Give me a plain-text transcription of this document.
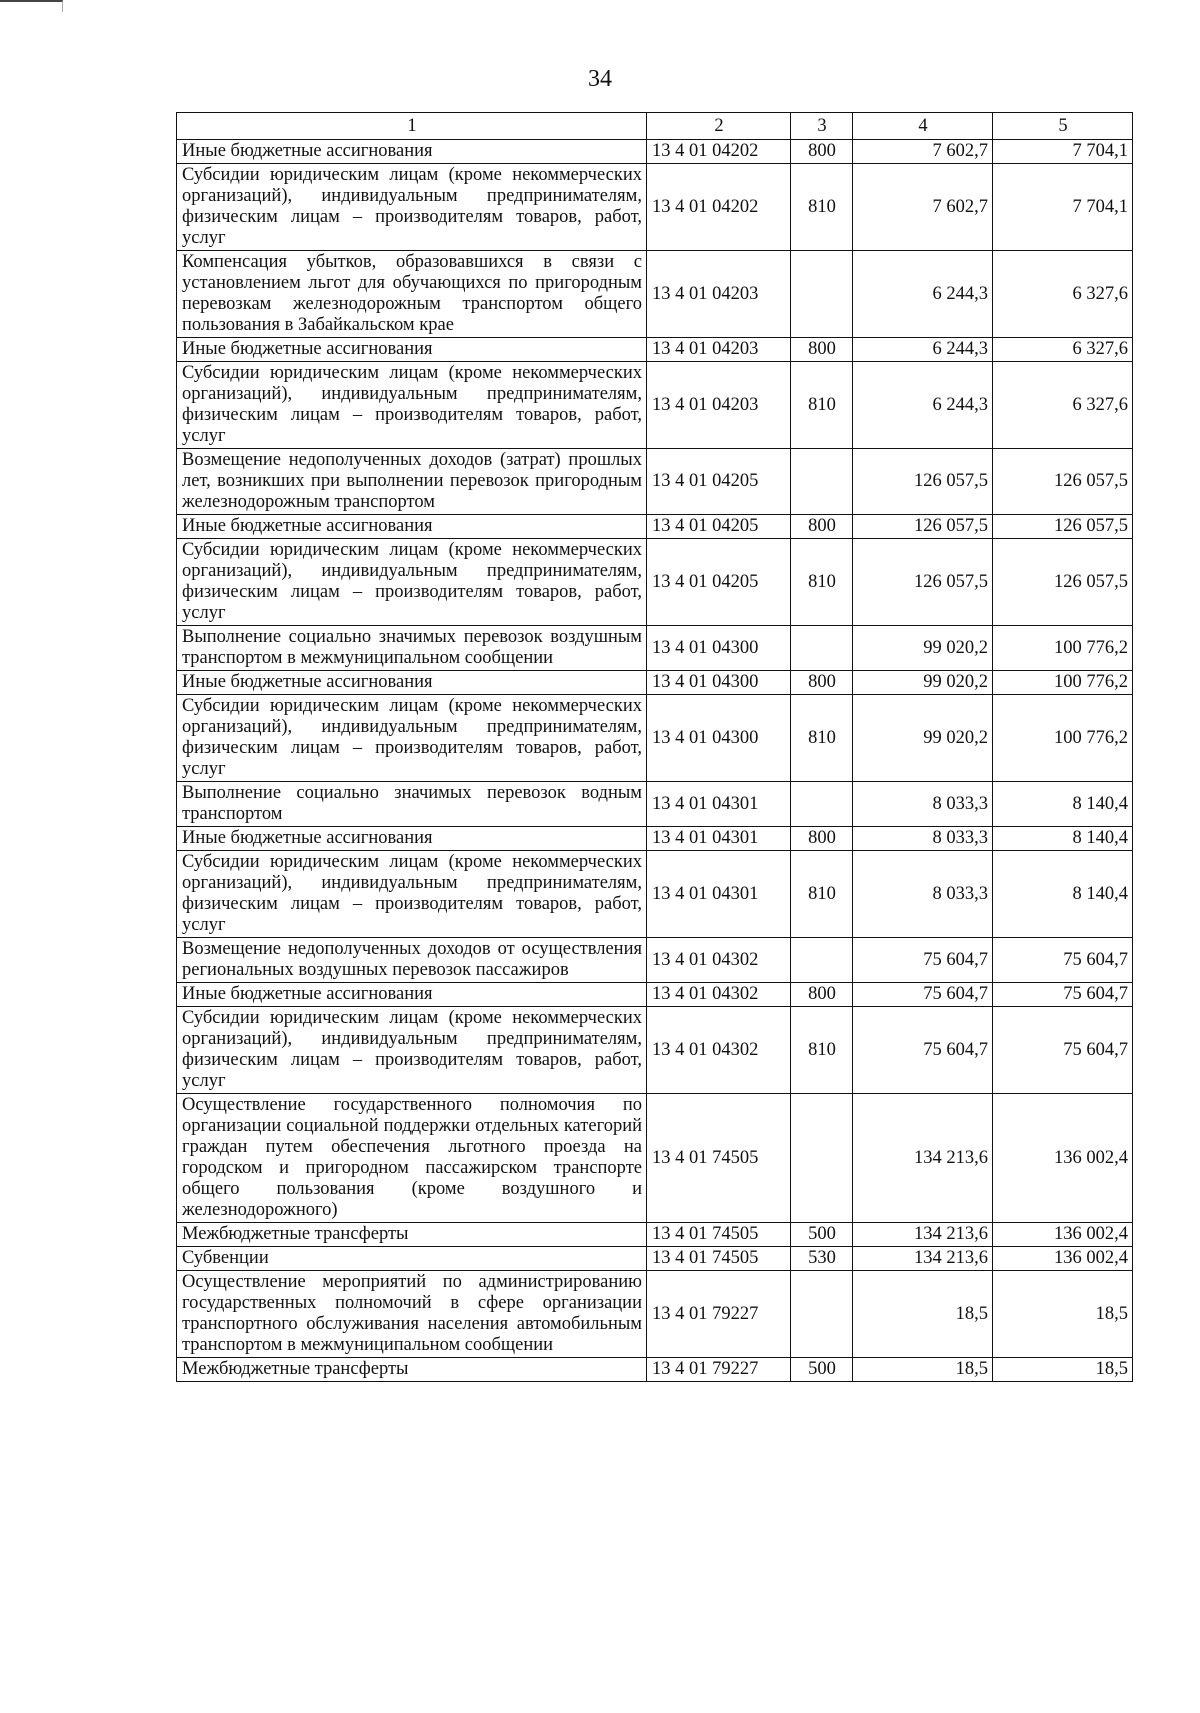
34
1	2	3	4	5
Иные бюджетные ассигнования	13 4 01 04202	800	7 602,7	7 704,1
Субсидии юридическим лицам (кроме некоммерческих организаций), индивидуальным предпринимателям, физическим лицам – производителям товаров, работ, услуг	13 4 01 04202	810	7 602,7	7 704,1
Компенсация убытков, образовавшихся в связи с установлением льгот для обучающихся по пригородным перевозкам железнодорожным транспортом общего пользования в Забайкальском крае	13 4 01 04203		6 244,3	6 327,6
Иные бюджетные ассигнования	13 4 01 04203	800	6 244,3	6 327,6
Субсидии юридическим лицам (кроме некоммерческих организаций), индивидуальным предпринимателям, физическим лицам – производителям товаров, работ, услуг	13 4 01 04203	810	6 244,3	6 327,6
Возмещение недополученных доходов (затрат) прошлых лет, возникших при выполнении перевозок пригородным железнодорожным транспортом	13 4 01 04205		126 057,5	126 057,5
Иные бюджетные ассигнования	13 4 01 04205	800	126 057,5	126 057,5
Субсидии юридическим лицам (кроме некоммерческих организаций), индивидуальным предпринимателям, физическим лицам – производителям товаров, работ, услуг	13 4 01 04205	810	126 057,5	126 057,5
Выполнение социально значимых перевозок воздушным транспортом в межмуниципальном сообщении	13 4 01 04300		99 020,2	100 776,2
Иные бюджетные ассигнования	13 4 01 04300	800	99 020,2	100 776,2
Субсидии юридическим лицам (кроме некоммерческих организаций), индивидуальным предпринимателям, физическим лицам – производителям товаров, работ, услуг	13 4 01 04300	810	99 020,2	100 776,2
Выполнение социально значимых перевозок водным транспортом	13 4 01 04301		8 033,3	8 140,4
Иные бюджетные ассигнования	13 4 01 04301	800	8 033,3	8 140,4
Субсидии юридическим лицам (кроме некоммерческих организаций), индивидуальным предпринимателям, физическим лицам – производителям товаров, работ, услуг	13 4 01 04301	810	8 033,3	8 140,4
Возмещение недополученных доходов от осуществления региональных воздушных перевозок пассажиров	13 4 01 04302		75 604,7	75 604,7
Иные бюджетные ассигнования	13 4 01 04302	800	75 604,7	75 604,7
Субсидии юридическим лицам (кроме некоммерческих организаций), индивидуальным предпринимателям, физическим лицам – производителям товаров, работ, услуг	13 4 01 04302	810	75 604,7	75 604,7
Осуществление государственного полномочия по организации социальной поддержки отдельных категорий граждан путем обеспечения льготного проезда на городском и пригородном пассажирском транспорте общего пользования (кроме воздушного и железнодорожного)	13 4 01 74505		134 213,6	136 002,4
Межбюджетные трансферты	13 4 01 74505	500	134 213,6	136 002,4
Субвенции	13 4 01 74505	530	134 213,6	136 002,4
Осуществление мероприятий по администрированию государственных полномочий в сфере организации транспортного обслуживания населения автомобильным транспортом в межмуниципальном сообщении	13 4 01 79227		18,5	18,5
Межбюджетные трансферты	13 4 01 79227	500	18,5	18,5
